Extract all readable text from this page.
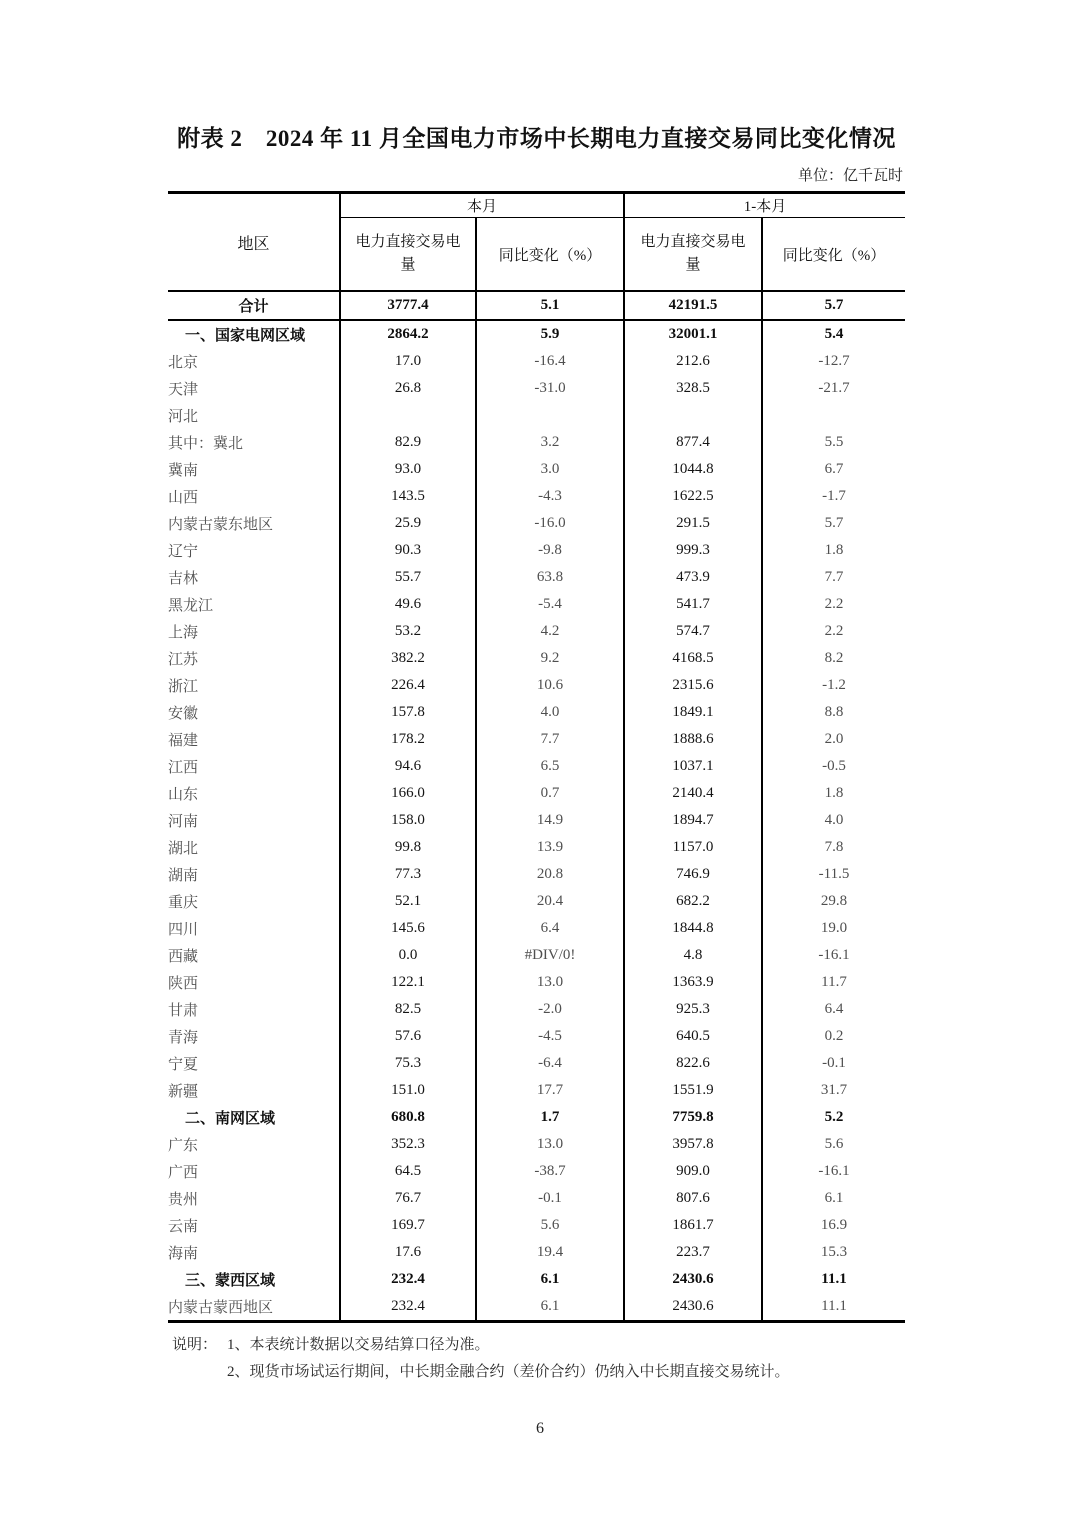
附表 2　2024 年 11 月全国电力市场中长期电力直接交易同比变化情况
单位：亿千瓦时
地区	本月		1-本月	
	电力直接交易电量	同比变化（%）	电力直接交易电量	同比变化（%）
合计	3777.4	5.1	42191.5	5.7
一、国家电网区域	2864.2	5.9	32001.1	5.4
北京	17.0	-16.4	212.6	-12.7
天津	26.8	-31.0	328.5	-21.7
河北				
其中：冀北	82.9	3.2	877.4	5.5
冀南	93.0	3.0	1044.8	6.7
山西	143.5	-4.3	1622.5	-1.7
内蒙古蒙东地区	25.9	-16.0	291.5	5.7
辽宁	90.3	-9.8	999.3	1.8
吉林	55.7	63.8	473.9	7.7
黑龙江	49.6	-5.4	541.7	2.2
上海	53.2	4.2	574.7	2.2
江苏	382.2	9.2	4168.5	8.2
浙江	226.4	10.6	2315.6	-1.2
安徽	157.8	4.0	1849.1	8.8
福建	178.2	7.7	1888.6	2.0
江西	94.6	6.5	1037.1	-0.5
山东	166.0	0.7	2140.4	1.8
河南	158.0	14.9	1894.7	4.0
湖北	99.8	13.9	1157.0	7.8
湖南	77.3	20.8	746.9	-11.5
重庆	52.1	20.4	682.2	29.8
四川	145.6	6.4	1844.8	19.0
西藏	0.0	#DIV/0!	4.8	-16.1
陕西	122.1	13.0	1363.9	11.7
甘肃	82.5	-2.0	925.3	6.4
青海	57.6	-4.5	640.5	0.2
宁夏	75.3	-6.4	822.6	-0.1
新疆	151.0	17.7	1551.9	31.7
二、南网区域	680.8	1.7	7759.8	5.2
广东	352.3	13.0	3957.8	5.6
广西	64.5	-38.7	909.0	-16.1
贵州	76.7	-0.1	807.6	6.1
云南	169.7	5.6	1861.7	16.9
海南	17.6	19.4	223.7	15.3
三、蒙西区域	232.4	6.1	2430.6	11.1
内蒙古蒙西地区	232.4	6.1	2430.6	11.1
说明： 1、本表统计数据以交易结算口径为准。
2、现货市场试运行期间，中长期金融合约（差价合约）仍纳入中长期直接交易统计。
6
